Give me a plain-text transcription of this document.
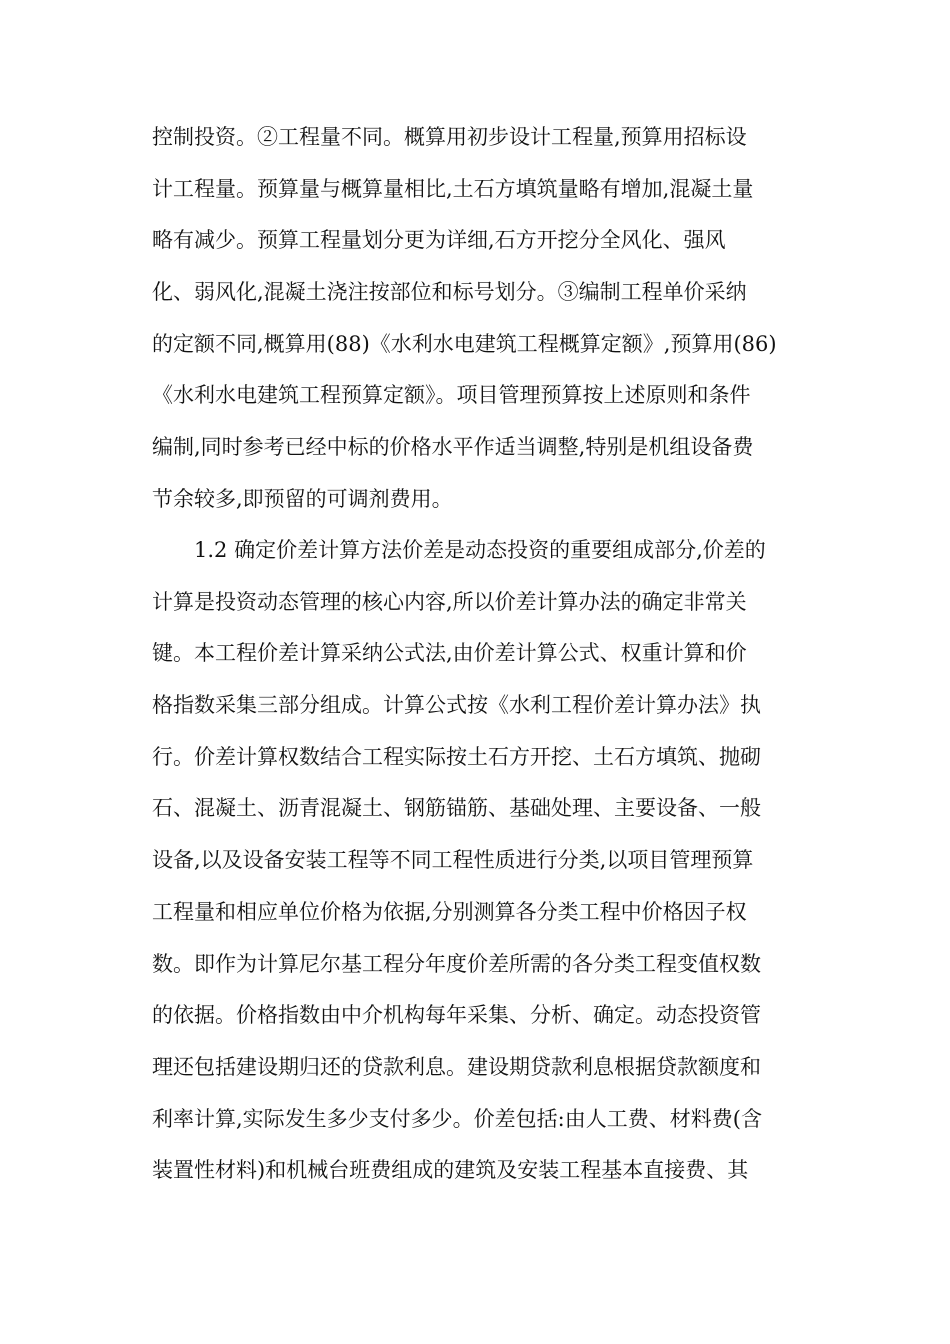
控制投资。②工程量不同。概算用初步设计工程量,预算用招标设
计工程量。预算量与概算量相比,土石方填筑量略有增加,混凝土量
略有减少。预算工程量划分更为详细,石方开挖分全风化、强风
化、弱风化,混凝土浇注按部位和标号划分。③编制工程单价采纳
的定额不同,概算用(88)《水利水电建筑工程概算定额》,预算用(86)
《水利水电建筑工程预算定额》。项目管理预算按上述原则和条件
编制,同时参考已经中标的价格水平作适当调整,特别是机组设备费
节余较多,即预留的可调剂费用。
1.2 确定价差计算方法价差是动态投资的重要组成部分,价差的
计算是投资动态管理的核心内容,所以价差计算办法的确定非常关
键。本工程价差计算采纳公式法,由价差计算公式、权重计算和价
格指数采集三部分组成。计算公式按《水利工程价差计算办法》执
行。价差计算权数结合工程实际按土石方开挖、土石方填筑、抛砌
石、混凝土、沥青混凝土、钢筋锚筋、基础处理、主要设备、一般
设备,以及设备安装工程等不同工程性质进行分类,以项目管理预算
工程量和相应单位价格为依据,分别测算各分类工程中价格因子权
数。即作为计算尼尔基工程分年度价差所需的各分类工程变值权数
的依据。价格指数由中介机构每年采集、分析、确定。动态投资管
理还包括建设期归还的贷款利息。建设期贷款利息根据贷款额度和
利率计算,实际发生多少支付多少。价差包括:由人工费、材料费(含
装置性材料)和机械台班费组成的建筑及安装工程基本直接费、其
